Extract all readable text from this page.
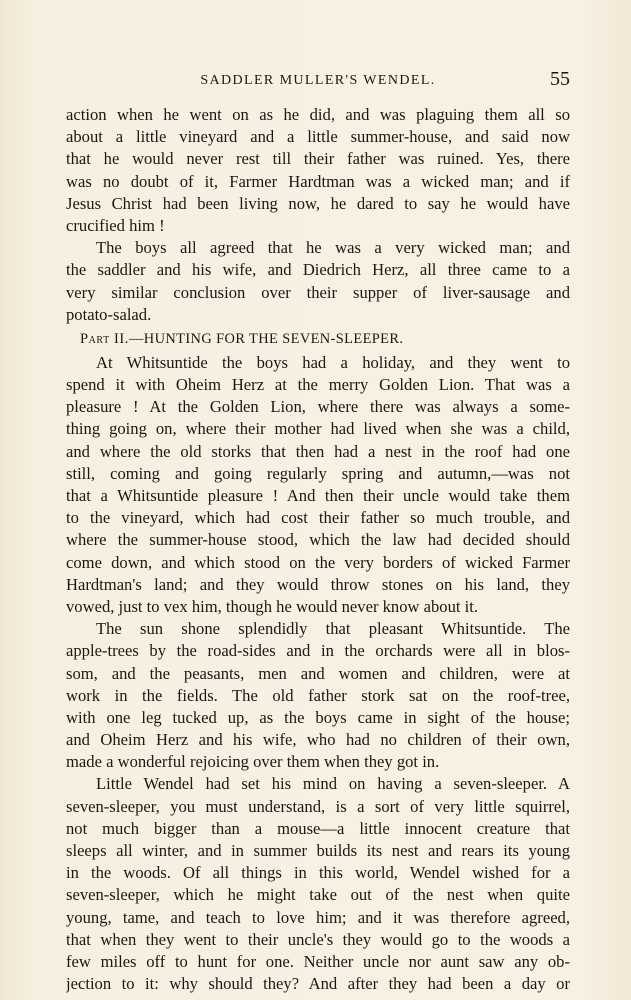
SADDLER MULLER'S WENDEL.	55
action when he went on as he did, and was plaguing them all so
about a little vineyard and a little summer-house, and said now
that he would never rest till their father was ruined. Yes, there
was no doubt of it, Farmer Hardtman was a wicked man; and if
Jesus Christ had been living now, he dared to say he would have
crucified him !
The boys all agreed that he was a very wicked man; and
the saddler and his wife, and Diedrich Herz, all three came to a
very similar conclusion over their supper of liver-sausage and
potato-salad.
Part II.—HUNTING FOR THE SEVEN-SLEEPER.
At Whitsuntide the boys had a holiday, and they went to
spend it with Oheim Herz at the merry Golden Lion. That was a
pleasure ! At the Golden Lion, where there was always a some-
thing going on, where their mother had lived when she was a child,
and where the old storks that then had a nest in the roof had one
still, coming and going regularly spring and autumn,—was not
that a Whitsuntide pleasure ! And then their uncle would take them
to the vineyard, which had cost their father so much trouble, and
where the summer-house stood, which the law had decided should
come down, and which stood on the very borders of wicked Farmer
Hardtman's land; and they would throw stones on his land, they
vowed, just to vex him, though he would never know about it.
The sun shone splendidly that pleasant Whitsuntide. The
apple-trees by the road-sides and in the orchards were all in blos-
som, and the peasants, men and women and children, were at
work in the fields. The old father stork sat on the roof-tree,
with one leg tucked up, as the boys came in sight of the house;
and Oheim Herz and his wife, who had no children of their own,
made a wonderful rejoicing over them when they got in.
Little Wendel had set his mind on having a seven-sleeper. A
seven-sleeper, you must understand, is a sort of very little squirrel,
not much bigger than a mouse—a little innocent creature that
sleeps all winter, and in summer builds its nest and rears its young
in the woods. Of all things in this world, Wendel wished for a
seven-sleeper, which he might take out of the nest when quite
young, tame, and teach to love him; and it was therefore agreed,
that when they went to their uncle's they would go to the woods a
few miles off to hunt for one. Neither uncle nor aunt saw any ob-
jection to it: why should they? And after they had been a day or
